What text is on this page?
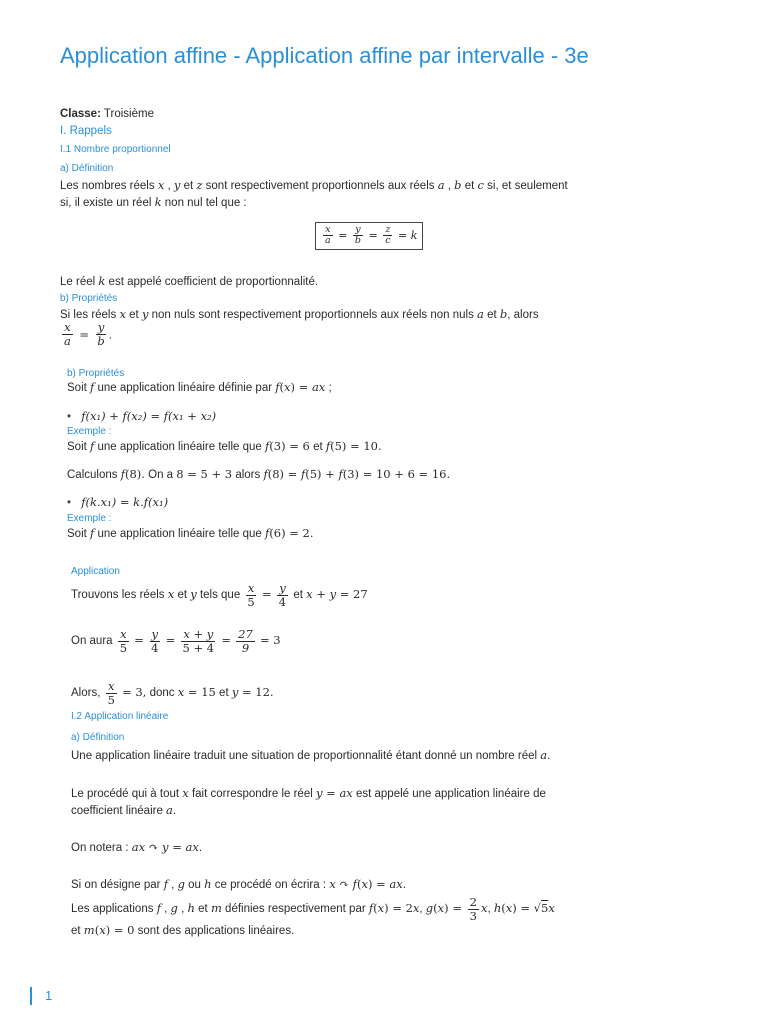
Application affine - Application affine par intervalle - 3e
Classe: Troisième
I. Rappels
I.1 Nombre proportionnel
a) Définition
Les nombres réels x , y et z sont respectivement proportionnels aux réels a , b et c si, et seulement
si, il existe un réel k non nul tel que :
$\frac{x}{a} = \frac{y}{b} = \frac{z}{c} = k$
Le réel k est appelé coefficient de proportionnalité.
b) Propriétés
Si les réels x et y non nuls sont respectivement proportionnels aux réels non nuls a et b, alors
$\frac{x}{a} = \frac{y}{b}$ .
b) Propriétés
Soit f une application linéaire définie par f(x) = ax ;
• f(x₁) + f(x₂) = f(x₁ + x₂)
Exemple :
Soit f une application linéaire telle que f(3) = 6 et f(5) = 10.
Calculons f(8). On a 8 = 5 + 3 alors f(8) = f(5) + f(3) = 10 + 6 = 16.
• f(k.x₁) = k.f(x₁)
Exemple :
Soit f une application linéaire telle que f(6) = 2.
Application
Trouvons les réels x et y tels que $\frac{x}{5} = \frac{y}{4}$ et x + y = 27
On aura $\frac{x}{5} = \frac{y}{4} = \frac{x + y}{5 + 4} = \frac{27}{9} = 3$
Alors, $\frac{x}{5} = 3$, donc x = 15 et y = 12.
I.2 Application linéaire
a) Définition
Une application linéaire traduit une situation de proportionnalité étant donné un nombre réel a.
Le procédé qui à tout x fait correspondre le réel y = ax est appelé une application linéaire de
coefficient linéaire a.
On notera : ax ↷ y = ax.
Si on désigne par f , g ou h ce procédé on écrira : x ↷ f(x) = ax.
Les applications f , g , h et m définies respectivement par f(x) = 2x, $g(x) = \frac{2}{3} x$, h(x) = √5x
et m(x) = 0 sont des applications linéaires.
1
